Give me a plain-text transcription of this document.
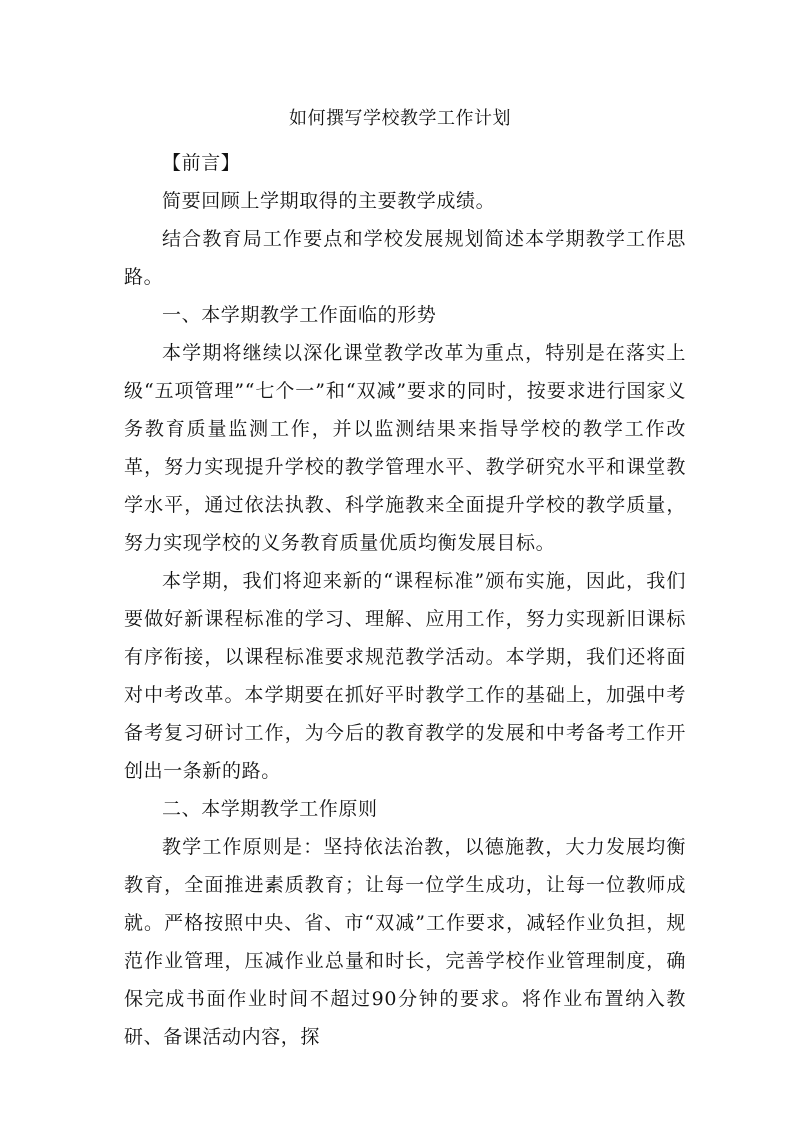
如何撰写学校教学工作计划

【前言】

简要回顾上学期取得的主要教学成绩。

结合教育局工作要点和学校发展规划简述本学期教学工作思路。

一、本学期教学工作面临的形势

本学期将继续以深化课堂教学改革为重点，特别是在落实上级“五项管理”“七个一”和“双减”要求的同时，按要求进行国家义务教育质量监测工作，并以监测结果来指导学校的教学工作改革，努力实现提升学校的教学管理水平、教学研究水平和课堂教学水平，通过依法执教、科学施教来全面提升学校的教学质量，努力实现学校的义务教育质量优质均衡发展目标。

本学期，我们将迎来新的“课程标准”颁布实施，因此，我们要做好新课程标准的学习、理解、应用工作，努力实现新旧课标有序衔接，以课程标准要求规范教学活动。本学期，我们还将面对中考改革。本学期要在抓好平时教学工作的基础上，加强中考备考复习研讨工作，为今后的教育教学的发展和中考备考工作开创出一条新的路。

二、本学期教学工作原则

教学工作原则是：坚持依法治教，以德施教，大力发展均衡教育，全面推进素质教育；让每一位学生成功，让每一位教师成就。严格按照中央、省、市“双减”工作要求，减轻作业负担，规范作业管理，压减作业总量和时长，完善学校作业管理制度，确保完成书面作业时间不超过90分钟的要求。将作业布置纳入教研、备课活动内容，探
